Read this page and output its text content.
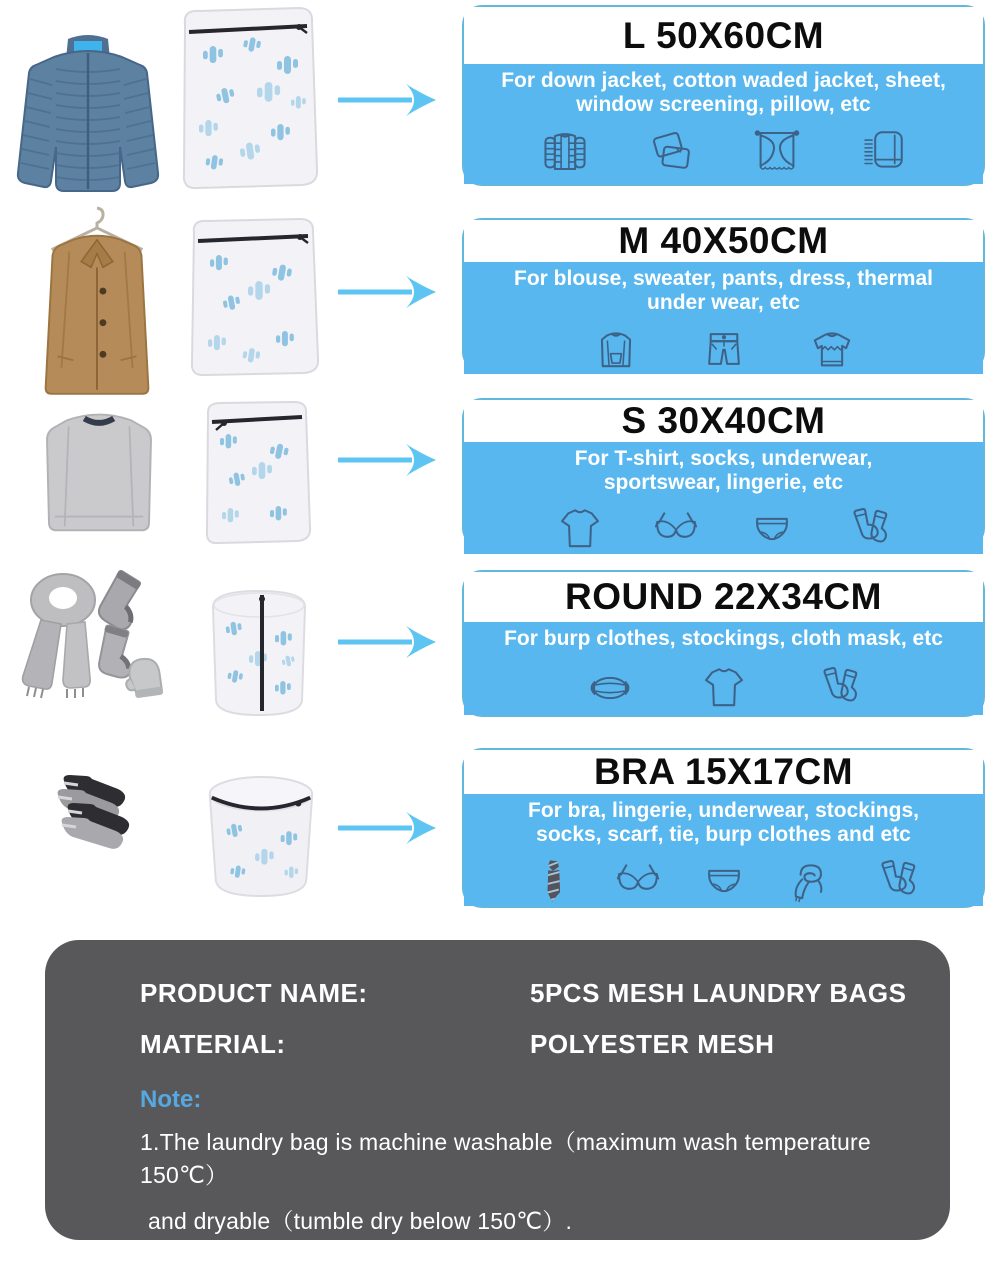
L 50X60CM
For down jacket, cotton waded jacket, sheet, window screening, pillow, etc
M 40X50CM
For blouse, sweater, pants, dress, thermal under wear, etc
S 30X40CM
For T-shirt, socks, underwear, sportswear, lingerie, etc
ROUND 22X34CM
For burp clothes, stockings, cloth mask, etc
BRA 15X17CM
For bra, lingerie, underwear, stockings, socks, scarf, tie, burp clothes and etc
PRODUCT NAME:	5PCS MESH LAUNDRY BAGS
MATERIAL:	POLYESTER MESH
Note:
1.The laundry bag is machine washable（maximum wash temperature 150℃）
and dryable（tumble dry below 150℃）.
2.Please do not dry cleaning,bleaching or ironing the bags.
